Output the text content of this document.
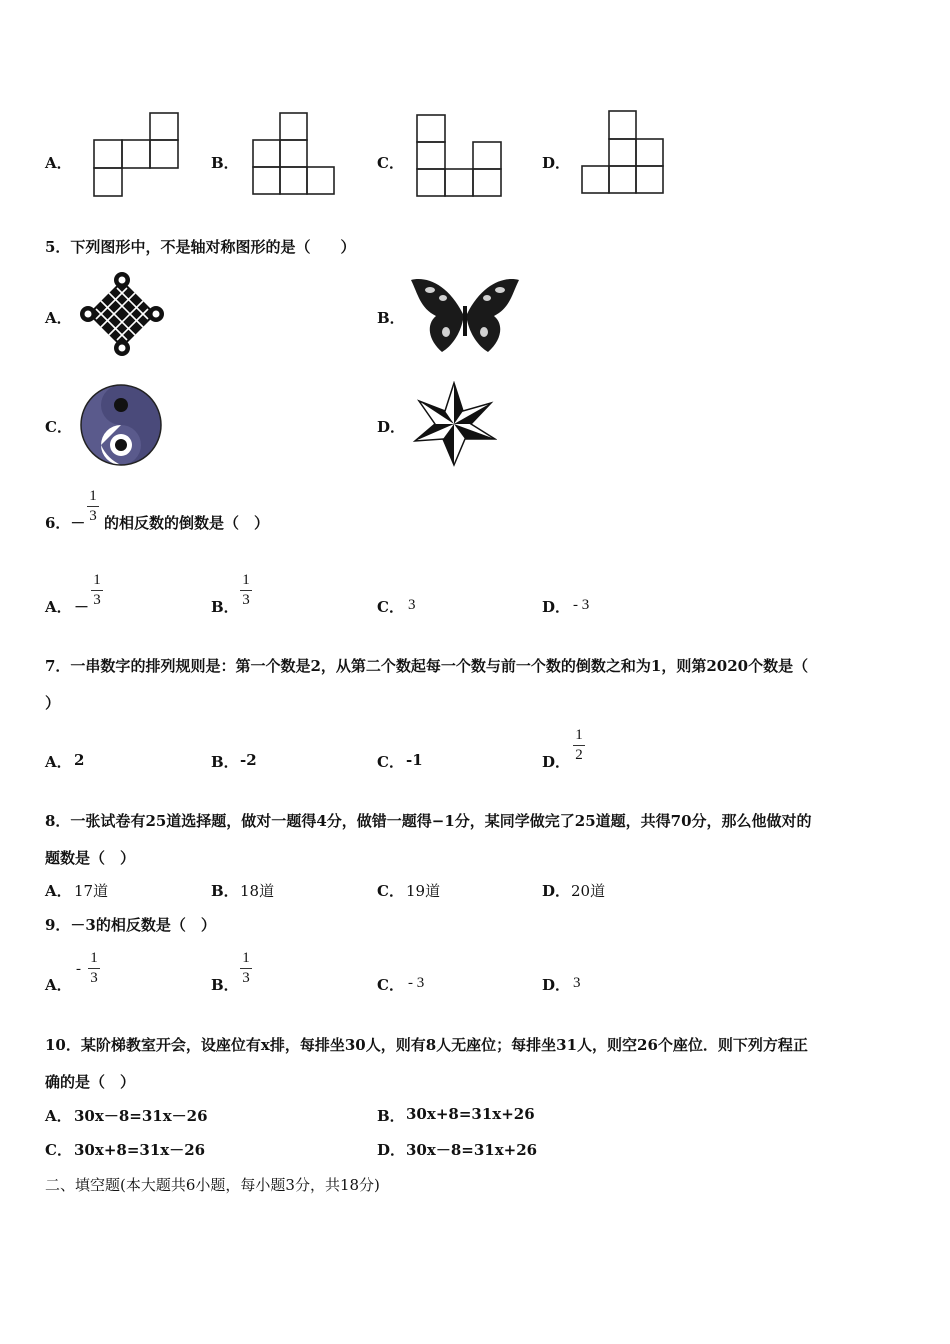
A．	B．	C．	D．
5．下列图形中，不是轴对称图形的是（　　）
A．	B．
C．	D．
6．－
1
3 的相反数的倒数是（　）
A． －
1
3	B．
1
3	C． 3	D． - 3
7．一串数字的排列规则是：第一个数是2，从第二个数起每一个数与前一个数的倒数之和为1，则第2020个数是（
）
A． 2	B． -2	C． -1	D．
1
2
8．一张试卷有25道选择题，做对一题得4分，做错一题得−1分，某同学做完了25道题，共得70分，那么他做对的
题数是（　）
A． 17道	B． 18道	C． 19道	D． 20道
9．－3的相反数是（　）
A．
-
1
3	B．
1
3	C． - 3	D． 3
10．某阶梯教室开会，设座位有x排，每排坐30人，则有8人无座位；每排坐31人，则空26个座位．则下列方程正
确的是（　）
A． 30x－8=31x－26	B． 30x+8=31x+26
C． 30x+8=31x－26	D． 30x－8=31x+26
二、填空题(本大题共6小题，每小题3分，共18分)
